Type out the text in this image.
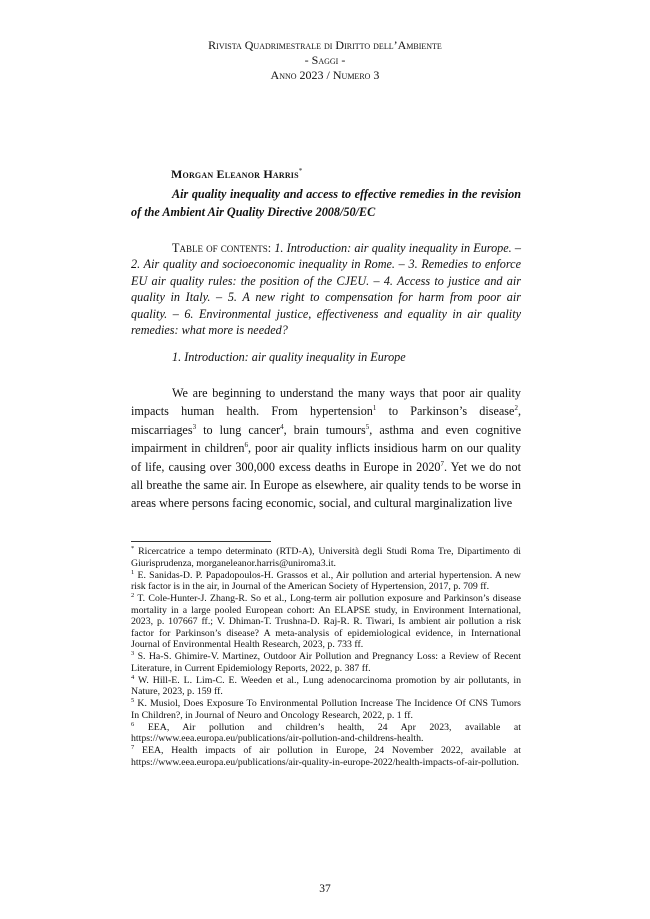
Rivista Quadrimestrale di Diritto dell’Ambiente
- Saggi -
Anno 2023 / Numero 3
Morgan Eleanor Harris*
Air quality inequality and access to effective remedies in the revision of the Ambient Air Quality Directive 2008/50/EC
Table of contents: 1. Introduction: air quality inequality in Europe. – 2. Air quality and socioeconomic inequality in Rome. – 3. Remedies to enforce EU air quality rules: the position of the CJEU. – 4. Access to justice and air quality in Italy. – 5. A new right to compensation for harm from poor air quality. – 6. Environmental justice, effectiveness and equality in air quality remedies: what more is needed?
1. Introduction: air quality inequality in Europe

We are beginning to understand the many ways that poor air quality impacts human health. From hypertension$^1$ to Parkinson’s disease$^2$, miscarriages$^3$ to lung cancer$^4$, brain tumours$^5$, asthma and even cognitive impairment in children$^6$, poor air quality inflicts insidious harm on our quality of life, causing over 300,000 excess deaths in Europe in 2020$^7$. Yet we do not all breathe the same air. In Europe as elsewhere, air quality tends to be worse in areas where persons facing economic, social, and cultural marginalization live

* Ricercatrice a tempo determinato (RTD-A), Università degli Studi Roma Tre, Dipartimento di Giurisprudenza, morganeleanor.harris@uniroma3.it.

$^1$ E. Sanidas-D. P. Papadopoulos-H. Grassos et al., Air pollution and arterial hypertension. A new risk factor is in the air, in Journal of the American Society of Hypertension, 2017, p. 709 ff.

$^2$ T. Cole-Hunter-J. Zhang-R. So et al., Long-term air pollution exposure and Parkinson’s disease mortality in a large pooled European cohort: An ELAPSE study, in Environment International, 2023, p. 107667 ff.; V. Dhiman-T. Trushna-D. Raj-R. R. Tiwari, Is ambient air pollution a risk factor for Parkinson’s disease? A meta-analysis of epidemiological evidence, in International Journal of Environmental Health Research, 2023, p. 733 ff.

$^3$ S. Ha-S. Ghimire-V. Martinez, Outdoor Air Pollution and Pregnancy Loss: a Review of Recent Literature, in Current Epidemiology Reports, 2022, p. 387 ff.

$^4$ W. Hill-E. L. Lim-C. E. Weeden et al., Lung adenocarcinoma promotion by air pollutants, in Nature, 2023, p. 159 ff.

$^5$ K. Musiol, Does Exposure To Environmental Pollution Increase The Incidence Of CNS Tumors In Children?, in Journal of Neuro and Oncology Research, 2022, p. 1 ff.

$^6$ EEA, Air pollution and children’s health, 24 Apr 2023, available at https://www.eea.europa.eu/publications/air-pollution-and-childrens-health.

$^7$ EEA, Health impacts of air pollution in Europe, 24 November 2022, available at https://www.eea.europa.eu/publications/air-quality-in-europe-2022/health-impacts-of-air-pollution.

37
